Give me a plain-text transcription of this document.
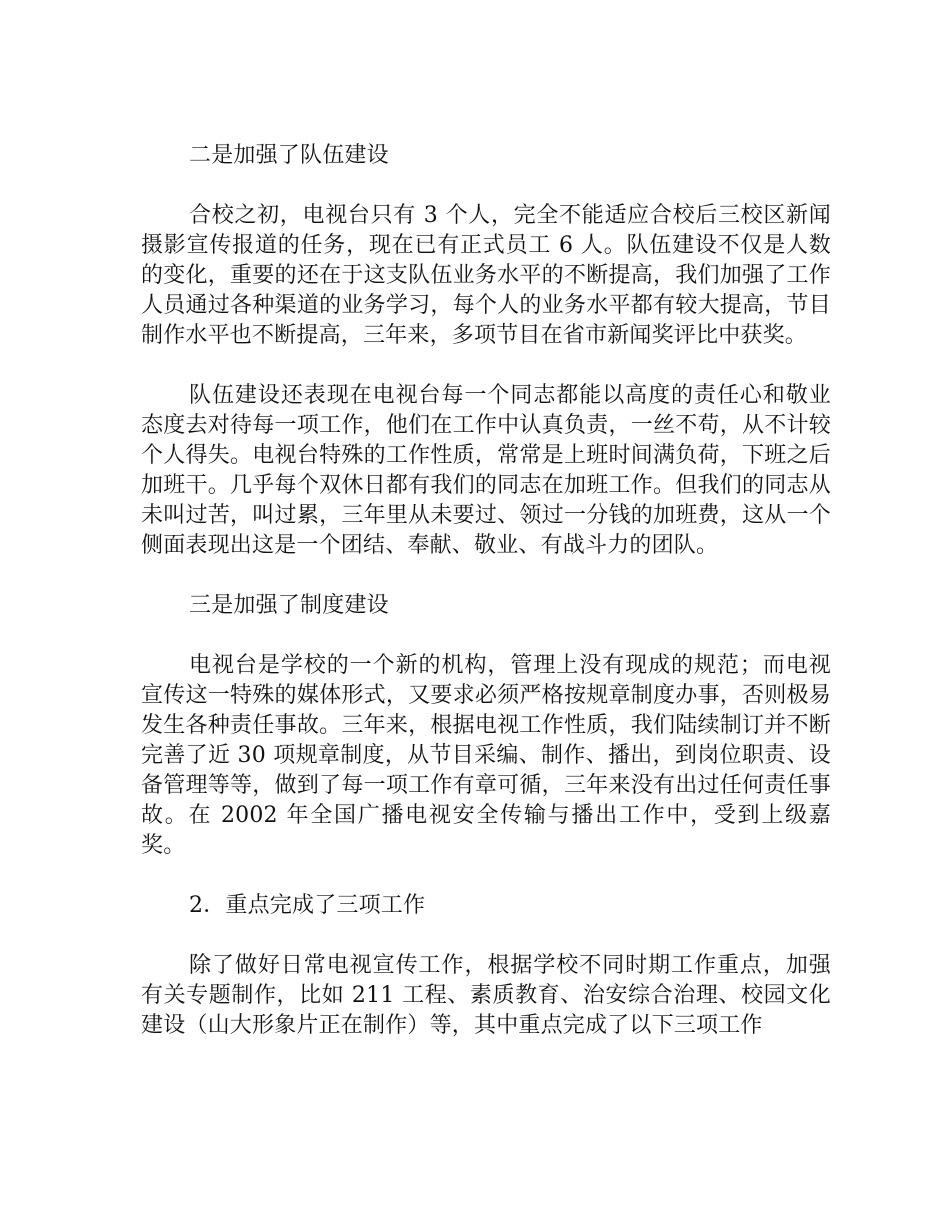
二是加强了队伍建设

合校之初，电视台只有 3 个人，完全不能适应合校后三校区新闻摄影宣传报道的任务，现在已有正式员工 6 人。队伍建设不仅是人数的变化，重要的还在于这支队伍业务水平的不断提高，我们加强了工作人员通过各种渠道的业务学习，每个人的业务水平都有较大提高，节目制作水平也不断提高，三年来，多项节目在省市新闻奖评比中获奖。

队伍建设还表现在电视台每一个同志都能以高度的责任心和敬业态度去对待每一项工作，他们在工作中认真负责，一丝不苟，从不计较个人得失。电视台特殊的工作性质，常常是上班时间满负荷，下班之后加班干。几乎每个双休日都有我们的同志在加班工作。但我们的同志从未叫过苦，叫过累，三年里从未要过、领过一分钱的加班费，这从一个侧面表现出这是一个团结、奉献、敬业、有战斗力的团队。

三是加强了制度建设

电视台是学校的一个新的机构，管理上没有现成的规范；而电视宣传这一特殊的媒体形式，又要求必须严格按规章制度办事，否则极易发生各种责任事故。三年来，根据电视工作性质，我们陆续制订并不断完善了近 30 项规章制度，从节目采编、制作、播出，到岗位职责、设备管理等等，做到了每一项工作有章可循，三年来没有出过任何责任事故。在 2002 年全国广播电视安全传输与播出工作中，受到上级嘉奖。

2．重点完成了三项工作

除了做好日常电视宣传工作，根据学校不同时期工作重点，加强有关专题制作，比如 211 工程、素质教育、治安综合治理、校园文化建设（山大形象片正在制作）等，其中重点完成了以下三项工作
